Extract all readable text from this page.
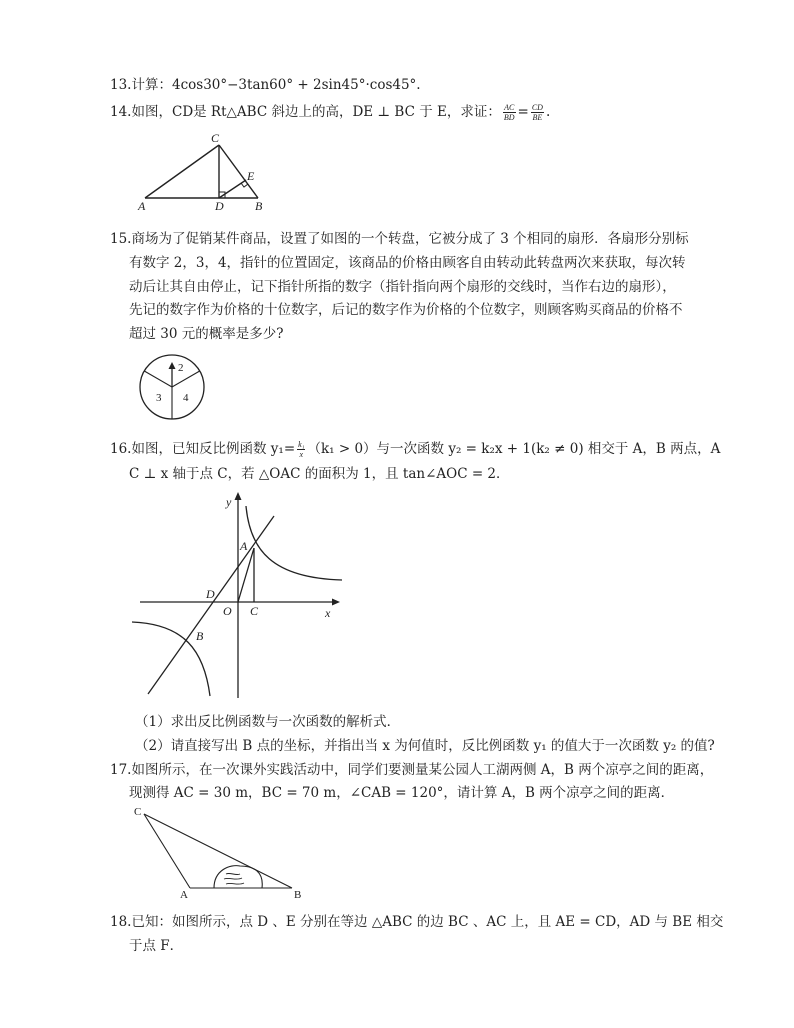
13.计算：4cos30°−3tan60° + 2sin45°·cos45°.
14.如图，CD是 Rt△ABC 斜边上的高，DE ⊥ BC 于 E，求证： $\frac{AC}{BD} = \frac{CD}{BE}$ .
C
A	D	B
E
15.商场为了促销某件商品，设置了如图的一个转盘，它被分成了 3 个相同的扇形．各扇形分别标
有数字 2，3，4，指针的位置固定，该商品的价格由顾客自由转动此转盘两次来获取，每次转
动后让其自由停止，记下指针所指的数字（指针指向两个扇形的交线时，当作右边的扇形），
先记的数字作为价格的十位数字，后记的数字作为价格的个位数字，则顾客购买商品的价格不
超过 30 元的概率是多少?
2
3 4
16.如图，已知反比例函数 $y_1= \frac{\text{k₁}}{x} (k_1 > 0)$与一次函数 y₂ = k₂x + 1(k₂ ≠ 0) 相交于 A，B 两点，A
C ⊥ x 轴于点 C，若 △OAC 的面积为 1，且 tan∠AOC = 2．
y
x
A
C
O
D
B
（1）求出反比例函数与一次函数的解析式．
（2）请直接写出 B 点的坐标，并指出当 x 为何值时，反比例函数 y₁ 的值大于一次函数 y₂ 的值?
17.如图所示，在一次课外实践活动中，同学们要测量某公园人工湖两侧 A，B 两个凉亭之间的距离，
现测得 AC = 30 m，BC = 70 m，∠CAB = 120°，请计算 A，B 两个凉亭之间的距离．
C
A	B
18.已知：如图所示，点 D 、E 分别在等边 △ABC 的边 BC 、AC 上，且 AE = CD，AD 与 BE 相交
于点 F．
